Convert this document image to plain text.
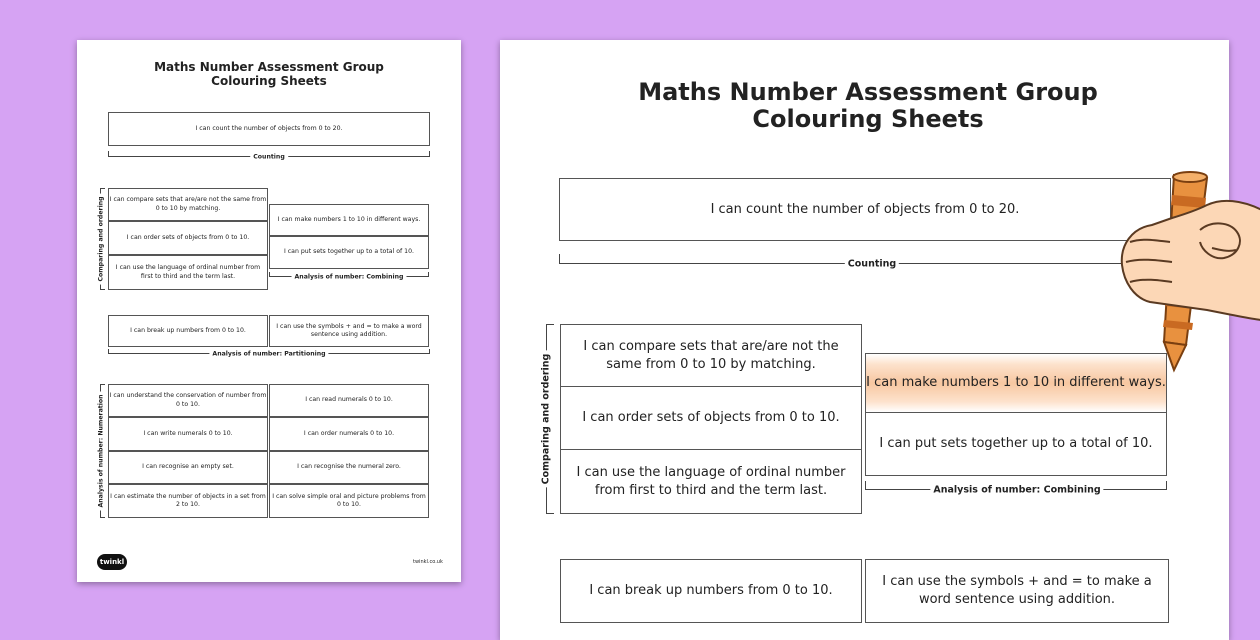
Maths Number Assessment Group
Colouring Sheets
I can count the number of objects from 0 to 20.
Counting
Comparing and ordering I can compare sets that are/are not the same from 0 to 10 by matching.
I can order sets of objects from 0 to 10.
I can use the language of ordinal number from first to third and the term last.
I can make numbers 1 to 10 in different ways.
I can put sets together up to a total of 10.
Analysis of number: Combining
I can break up numbers from 0 to 10.
I can use the symbols + and = to make a word sentence using addition.
Analysis of number: Partitioning
Analysis of number: Numeration I can understand the conservation of number from 0 to 10.
I can read numerals 0 to 10.
I can write numerals 0 to 10.	I can order numerals 0 to 10.
I can recognise an empty set.	I can recognise the numeral zero.
I can estimate the number of objects in a set from 2 to 10.
I can solve simple oral and picture problems from 0 to 10.
twinkl	twinkl.co.uk
Maths Number Assessment Group
Colouring Sheets
I can count the number of objects from 0 to 20.
Counting
Comparing and ordering
I can compare sets that are/are not the same from 0 to 10 by matching.
I can order sets of objects from 0 to 10.
I can use the language of ordinal number from first to third and the term last.
I can make numbers 1 to 10 in different ways.
I can put sets together up to a total of 10.
Analysis of number: Combining
I can break up numbers from 0 to 10.
I can use the symbols + and = to make a word sentence using addition.
